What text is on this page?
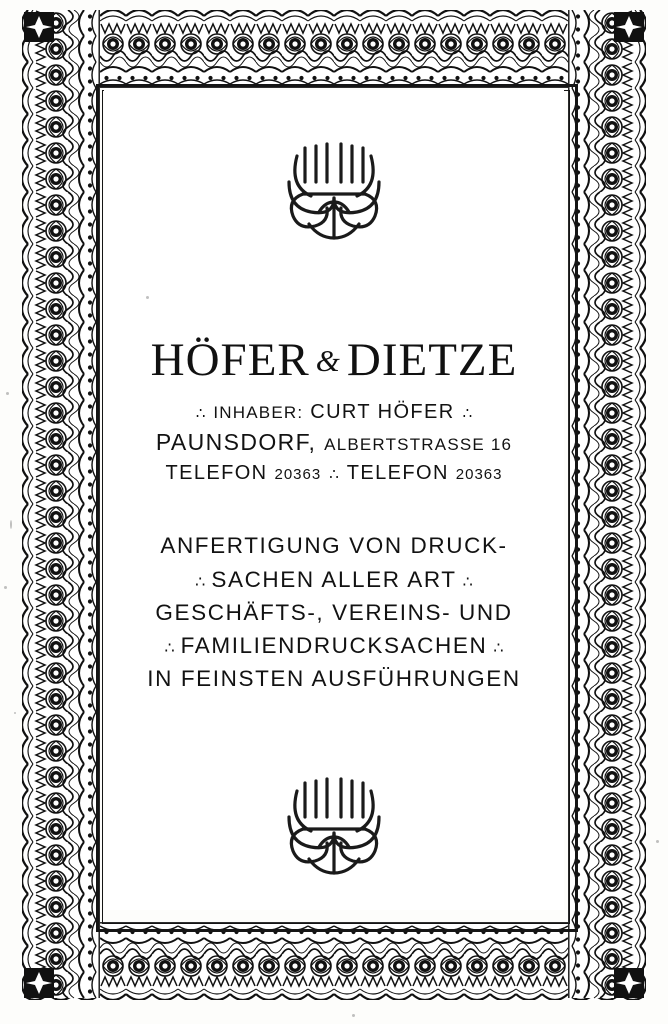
HÖFER & DIETZE
∴ INHABER: CURT HÖFER ∴
PAUNSDORF, ALBERTSTRASSE 16
TELEFON 20363 ∴ TELEFON 20363
ANFERTIGUNG VON DRUCK-
∴ SACHEN ALLER ART ∴
GESCHÄFTS-, VEREINS- UND
∴ FAMILIENDRUCKSACHEN ∴
IN FEINSTEN AUSFÜHRUNGEN
